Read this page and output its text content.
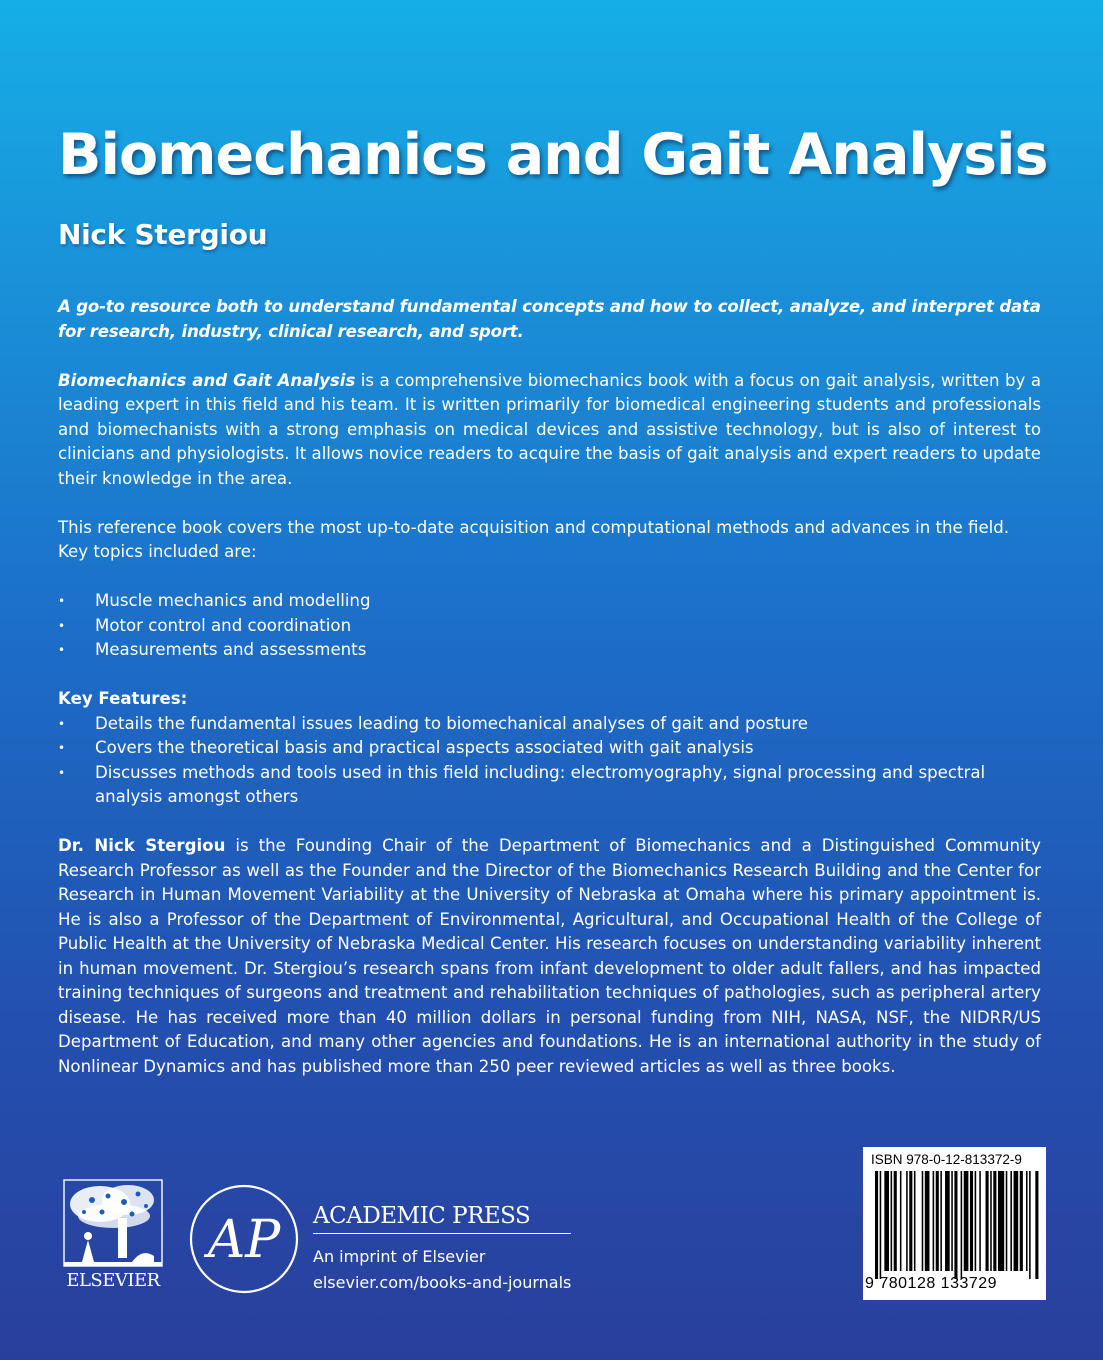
Biomechanics and Gait Analysis
Nick Stergiou

A go-to resource both to understand fundamental concepts and how to collect, analyze, and interpret data for research, industry, clinical research, and sport.

Biomechanics and Gait Analysis is a comprehensive biomechanics book with a focus on gait analysis, written by a leading expert in this field and his team. It is written primarily for biomedical engineering students and professionals and biomechanists with a strong emphasis on medical devices and assistive technology, but is also of interest to clinicians and physiologists. It allows novice readers to acquire the basis of gait analysis and expert readers to update their knowledge in the area.

This reference book covers the most up-to-date acquisition and computational methods and advances in the field. Key topics included are:

• Muscle mechanics and modelling
• Motor control and coordination
• Measurements and assessments

Key Features:

• Details the fundamental issues leading to biomechanical analyses of gait and posture
• Covers the theoretical basis and practical aspects associated with gait analysis
• Discusses methods and tools used in this field including: electromyography, signal processing and spectral analysis amongst others

Dr. Nick Stergiou is the Founding Chair of the Department of Biomechanics and a Distinguished Community Research Professor as well as the Founder and the Director of the Biomechanics Research Building and the Center for Research in Human Movement Variability at the University of Nebraska at Omaha where his primary appointment is. He is also a Professor of the Department of Environmental, Agricultural, and Occupational Health of the College of Public Health at the University of Nebraska Medical Center. His research focuses on understanding variability inherent in human movement. Dr. Stergiou’s research spans from infant development to older adult fallers, and has impacted training techniques of surgeons and treatment and rehabilitation techniques of pathologies, such as peripheral artery disease. He has received more than 40 million dollars in personal funding from NIH, NASA, NSF, the NIDRR/US Department of Education, and many other agencies and foundations. He is an international authority in the study of Nonlinear Dynamics and has published more than 250 peer reviewed articles as well as three books.

ELSEVIER
AP ACADEMIC PRESS
An imprint of Elsevier
elsevier.com/books-and-journals
ISBN 978-0-12-813372-9
9 780128 133729
